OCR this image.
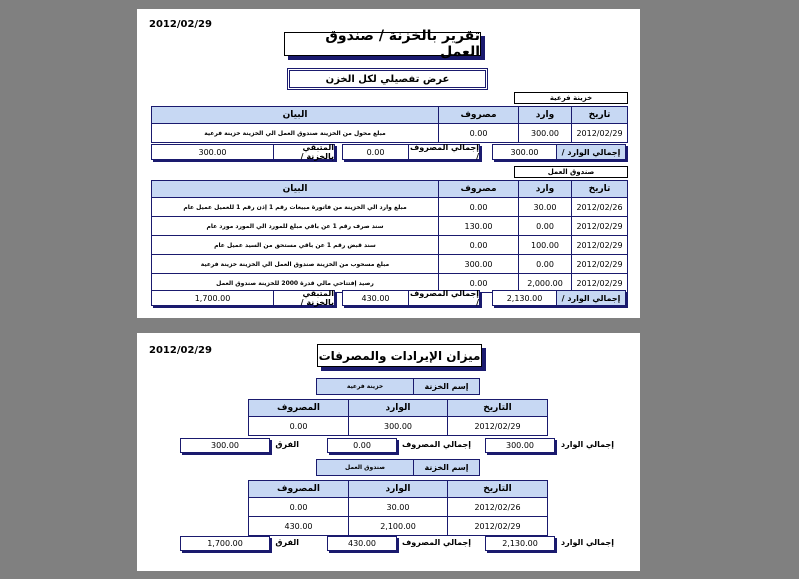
2012/02/29
تقرير بالخزنة / صندوق العمل
عرض تفصيلي لكل الخزن
خزينة فرعية
البيان	مصروف	وارد	تاريخ
مبلغ محول من الخزينة صندوق العمل الي الخزينة خزينة فرعية	0.00	300.00	2012/02/29
300.00	إجمالي الوارد /
0.00	إجمالي المصروف /
300.00	المتبقي بالخزنة /
صندوق العمل
البيان	مصروف	وارد	تاريخ
مبلغ وارد الي الخزينة من فاتورة مبيعات رقم 1 إذن رقم 1 للعميل عميل عام	0.00	30.00	2012/02/26
سند صرف رقم 1 عن باقي مبلغ للمورد الي المورد مورد عام	130.00	0.00	2012/02/29
سند قبض رقم 1 عن باقي مستحق من السيد عميل عام	0.00	100.00	2012/02/29
مبلغ مسحوب من الخزينة صندوق العمل الي الخزينة خزينة فرعية	300.00	0.00	2012/02/29
رصيد إفتتاحي مالي قدرة 2000 للخزينة صندوق العمل	0.00	2,000.00	2012/02/29
2,130.00	إجمالي الوارد /
430.00	إجمالي المصروف /
1,700.00	المتبقي بالخزنة /
2012/02/29	ميزان الإيرادات والمصرفات
خزينة فرعية	إسم الخزنة
المصروف	الوارد	التاريخ
0.00	300.00	2012/02/29
300.00	إجمالي الوارد
0.00	إجمالي المصروف
300.00	الفرق
صندوق العمل	إسم الخزنة
المصروف	الوارد	التاريخ
0.00	30.00	2012/02/26
430.00	2,100.00	2012/02/29
2,130.00	إجمالي الوارد
430.00	إجمالي المصروف
1,700.00	الفرق
